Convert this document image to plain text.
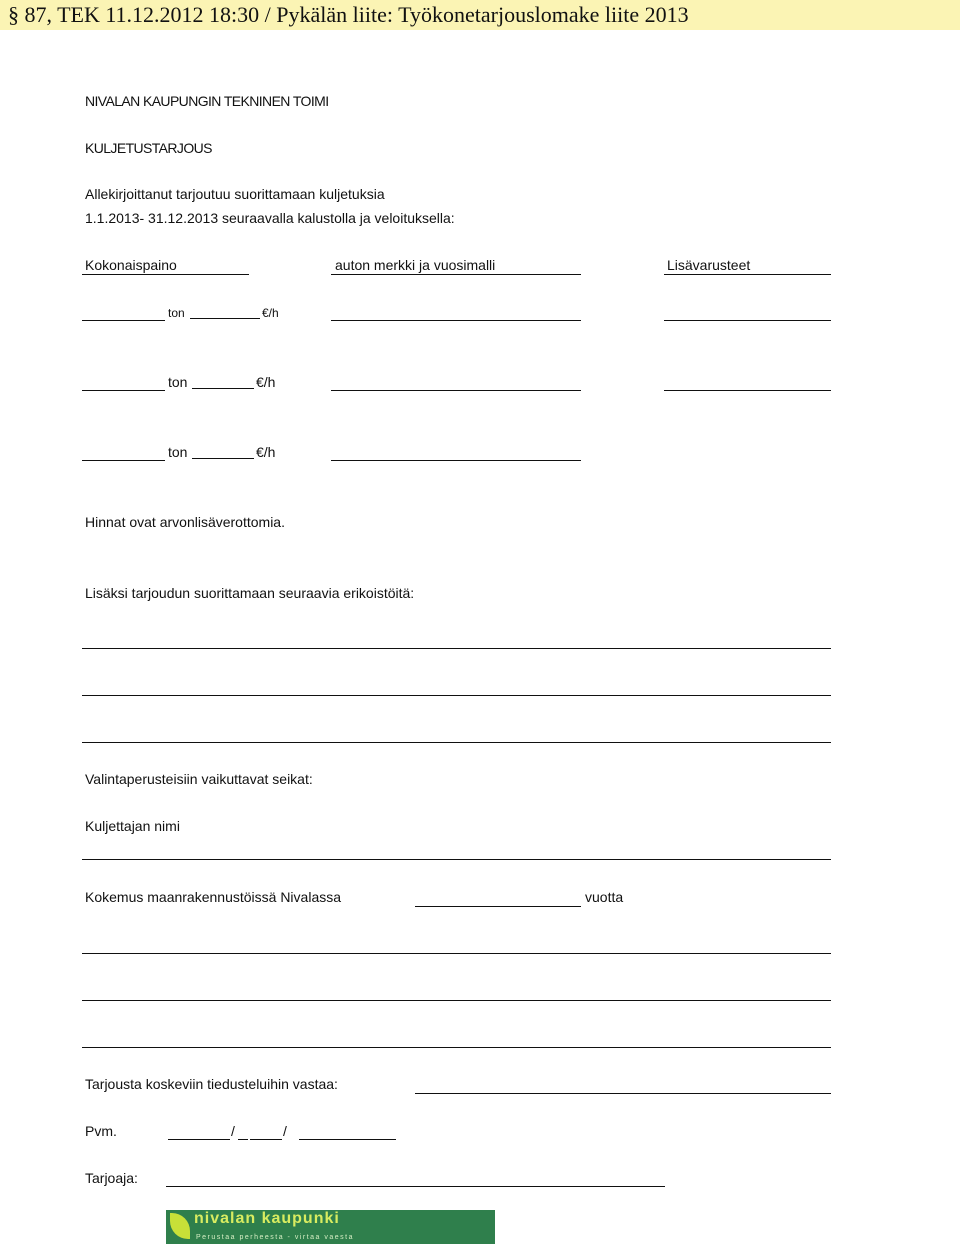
§ 87, TEK 11.12.2012 18:30 / Pykälän liite: Työkonetarjouslomake liite 2013
NIVALAN KAUPUNGIN TEKNINEN TOIMI
KULJETUSTARJOUS
Allekirjoittanut tarjoutuu suorittamaan kuljetuksia
1.1.2013- 31.12.2013 seuraavalla kalustolla ja veloituksella:
Kokonaispaino	auton merkki ja vuosimalli	Lisävarusteet
ton	€/h
ton	€/h
ton	€/h
Hinnat ovat arvonlisäverottomia.
Lisäksi tarjoudun suorittamaan seuraavia erikoistöitä:
Valintaperusteisiin vaikuttavat seikat:
Kuljettajan nimi
Kokemus maanrakennustöissä Nivalassa	vuotta
Tarjousta koskeviin tiedusteluihin vastaa:
Pvm.	/	/
Tarjoaja:
nivalan kaupunki
Perustaa perheesta - virtaa vaesta
